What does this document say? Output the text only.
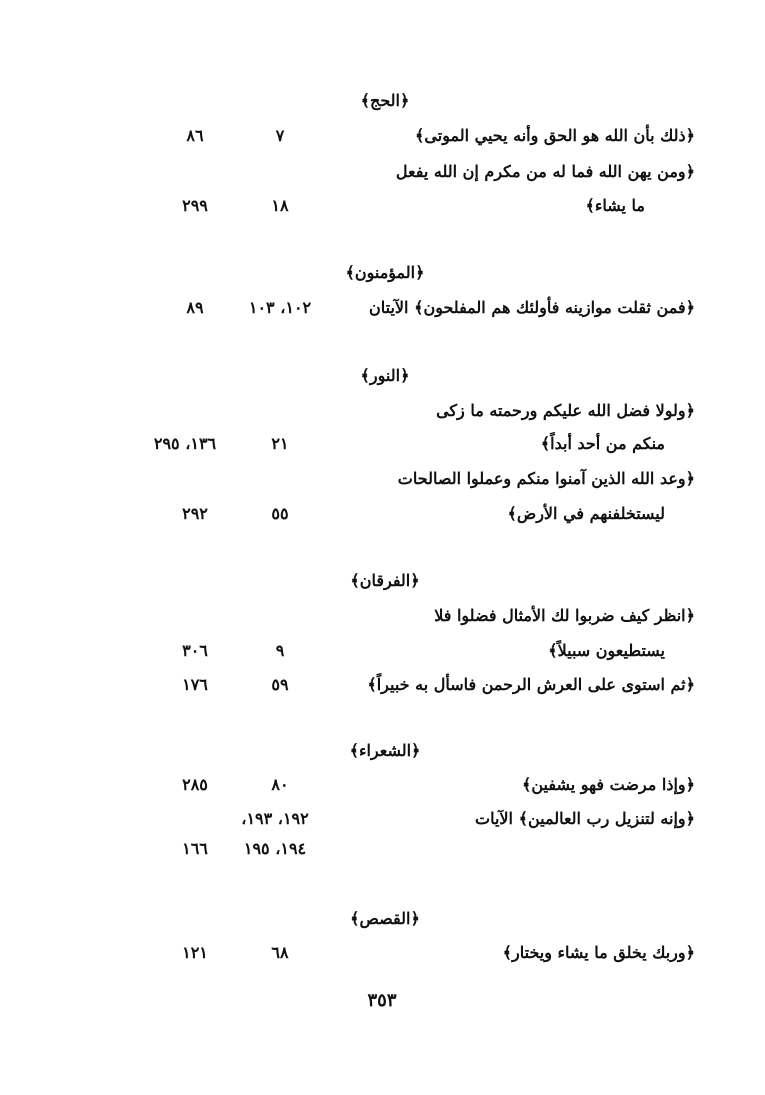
﴿الحج﴾
﴿ذلك بأن الله هو الحق وأنه يحيي الموتى﴾
٧
٨٦
﴿ومن يهن الله فما له من مكرم إن الله يفعل
ما يشاء﴾
١٨
٢٩٩
﴿المؤمنون﴾
﴿فمن ثقلت موازينه فأولئك هم المفلحون﴾ الآيتان
١٠٢، ١٠٣
٨٩
﴿النور﴾
﴿ولولا فضل الله عليكم ورحمته ما زكى
منكم من أحد أبداً﴾
٢١
١٣٦، ٢٩٥
﴿وعد الله الذين آمنوا منكم وعملوا الصالحات
ليستخلفنهم في الأرض﴾
٥٥
٢٩٢
﴿الفرقان﴾
﴿انظر كيف ضربوا لك الأمثال فضلوا فلا
يستطيعون سبيلاً﴾
٩
٣٠٦
﴿ثم استوى على العرش الرحمن فاسأل به خبيراً﴾
٥٩
١٧٦
﴿الشعراء﴾
﴿وإذا مرضت فهو يشفين﴾
٨٠
٢٨٥
﴿وإنه لتنزيل رب العالمين﴾ الآيات
١٩٢، ١٩٣،
١٩٤، ١٩٥
١٦٦
﴿القصص﴾
﴿وربك يخلق ما يشاء ويختار﴾
٦٨
١٢١
٣٥٣
